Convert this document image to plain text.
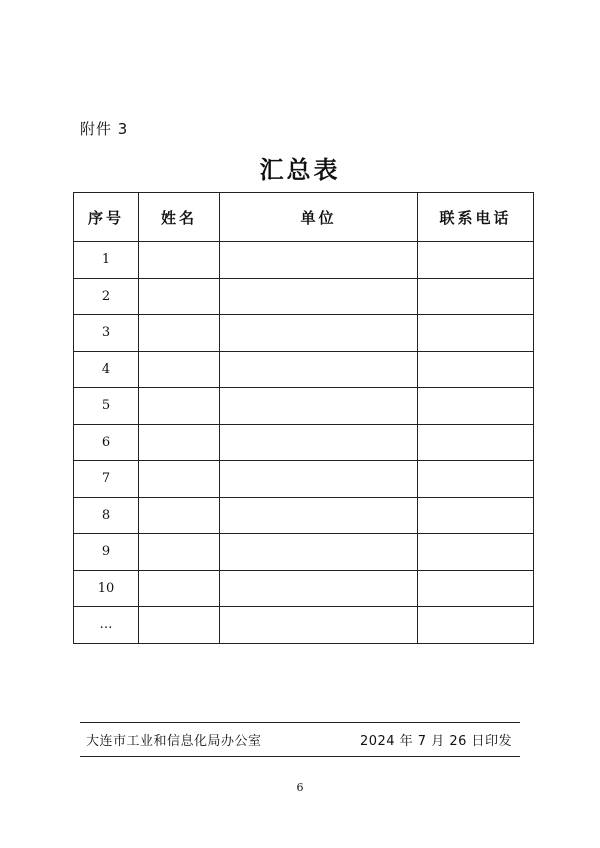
附件 3
汇总表
序号	姓名	单位	联系电话
1			
2			
3			
4			
5			
6			
7			
8			
9			
10			
…			
大连市工业和信息化局办公室	2024 年 7 月 26 日印发
6
